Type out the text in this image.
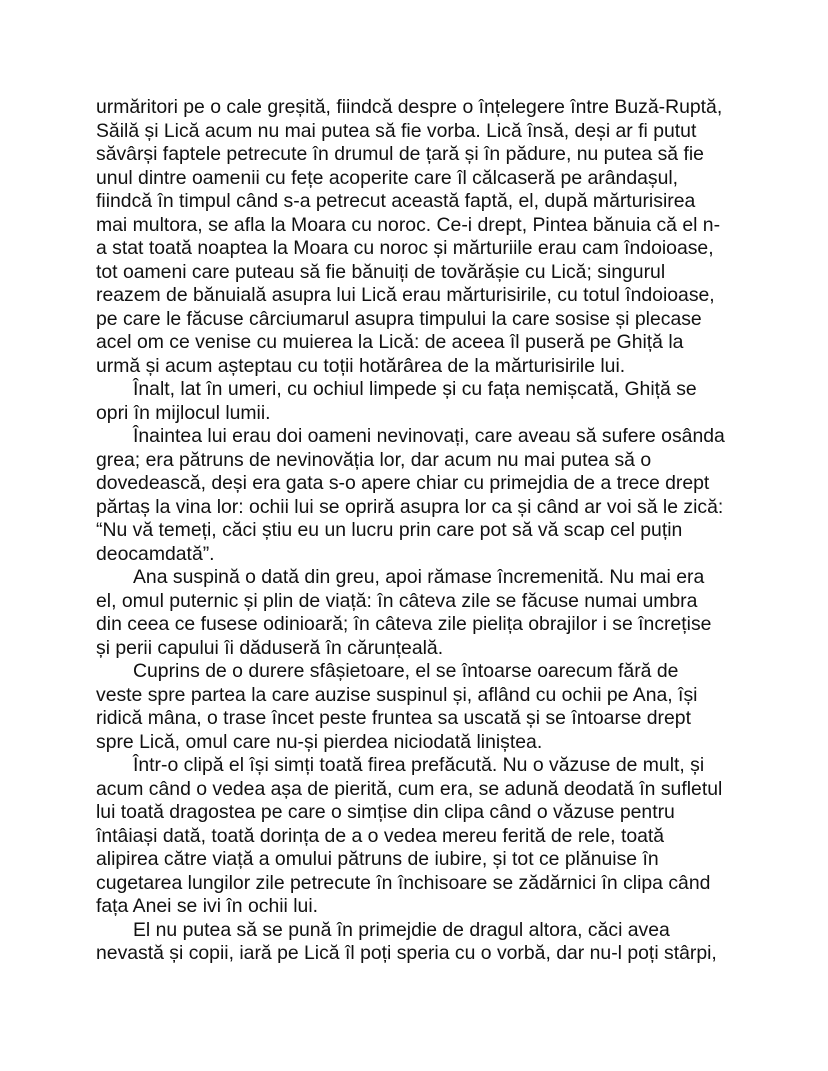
urmăritori pe o cale greșită, fiindcă despre o înțelegere între Buză-Ruptă,
Săilă și Lică acum nu mai putea să fie vorba. Lică însă, deși ar fi putut
săvârși faptele petrecute în drumul de țară și în pădure, nu putea să fie
unul dintre oamenii cu fețe acoperite care îl călcaseră pe arândașul,
fiindcă în timpul când s-a petrecut această faptă, el, după mărturisirea
mai multora, se afla la Moara cu noroc. Ce-i drept, Pintea bănuia că el n-
a stat toată noaptea la Moara cu noroc și mărturiile erau cam îndoioase,
tot oameni care puteau să fie bănuiți de tovărășie cu Lică; singurul
reazem de bănuială asupra lui Lică erau mărturisirile, cu totul îndoioase,
pe care le făcuse cârciumarul asupra timpului la care sosise și plecase
acel om ce venise cu muierea la Lică: de aceea îl puseră pe Ghiță la
urmă și acum așteptau cu toții hotărârea de la mărturisirile lui.
Înalt, lat în umeri, cu ochiul limpede și cu fața nemișcată, Ghiță se
opri în mijlocul lumii.
Înaintea lui erau doi oameni nevinovați, care aveau să sufere osânda
grea; era pătruns de nevinovăția lor, dar acum nu mai putea să o
dovedească, deși era gata s-o apere chiar cu primejdia de a trece drept
părtaș la vina lor: ochii lui se opriră asupra lor ca și când ar voi să le zică:
“Nu vă temeți, căci știu eu un lucru prin care pot să vă scap cel puțin
deocamdată”.
Ana suspină o dată din greu, apoi rămase încremenită. Nu mai era
el, omul puternic și plin de viață: în câteva zile se făcuse numai umbra
din ceea ce fusese odinioară; în câteva zile pielița obrajilor i se încrețise
și perii capului îi dăduseră în cărunțeală.
Cuprins de o durere sfâșietoare, el se întoarse oarecum fără de
veste spre partea la care auzise suspinul și, aflând cu ochii pe Ana, își
ridică mâna, o trase încet peste fruntea sa uscată și se întoarse drept
spre Lică, omul care nu-și pierdea niciodată liniștea.
Într-o clipă el își simți toată firea prefăcută. Nu o văzuse de mult, și
acum când o vedea așa de pierită, cum era, se adună deodată în sufletul
lui toată dragostea pe care o simțise din clipa când o văzuse pentru
întâiași dată, toată dorința de a o vedea mereu ferită de rele, toată
alipirea către viață a omului pătruns de iubire, și tot ce plănuise în
cugetarea lungilor zile petrecute în închisoare se zădărnici în clipa când
fața Anei se ivi în ochii lui.
El nu putea să se pună în primejdie de dragul altora, căci avea
nevastă și copii, iară pe Lică îl poți speria cu o vorbă, dar nu-l poți stârpi,
